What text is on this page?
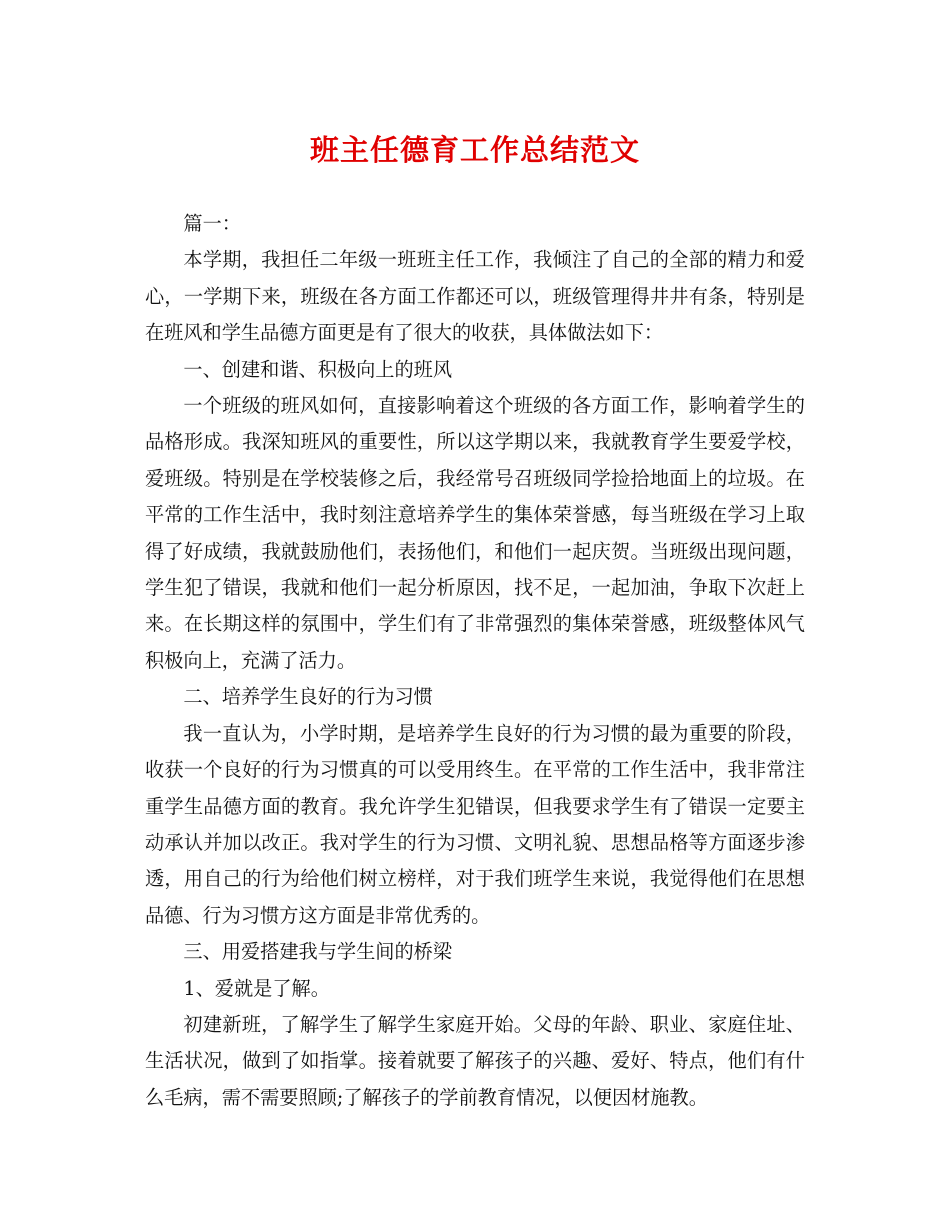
班主任德育工作总结范文

篇一：

本学期，我担任二年级一班班主任工作，我倾注了自己的全部的精力和爱心，一学期下来，班级在各方面工作都还可以，班级管理得井井有条，特别是在班风和学生品德方面更是有了很大的收获，具体做法如下：

一、创建和谐、积极向上的班风

一个班级的班风如何，直接影响着这个班级的各方面工作，影响着学生的品格形成。我深知班风的重要性，所以这学期以来，我就教育学生要爱学校，爱班级。特别是在学校装修之后，我经常号召班级同学捡拾地面上的垃圾。在平常的工作生活中，我时刻注意培养学生的集体荣誉感，每当班级在学习上取得了好成绩，我就鼓励他们，表扬他们，和他们一起庆贺。当班级出现问题，学生犯了错误，我就和他们一起分析原因，找不足，一起加油，争取下次赶上来。在长期这样的氛围中，学生们有了非常强烈的集体荣誉感，班级整体风气积极向上，充满了活力。

二、培养学生良好的行为习惯

我一直认为，小学时期，是培养学生良好的行为习惯的最为重要的阶段，收获一个良好的行为习惯真的可以受用终生。在平常的工作生活中，我非常注重学生品德方面的教育。我允许学生犯错误，但我要求学生有了错误一定要主动承认并加以改正。我对学生的行为习惯、文明礼貌、思想品格等方面逐步渗透，用自己的行为给他们树立榜样，对于我们班学生来说，我觉得他们在思想品德、行为习惯方这方面是非常优秀的。

三、用爱搭建我与学生间的桥梁

1、爱就是了解。

初建新班，了解学生了解学生家庭开始。父母的年龄、职业、家庭住址、生活状况，做到了如指掌。接着就要了解孩子的兴趣、爱好、特点，他们有什么毛病，需不需要照顾;了解孩子的学前教育情况，以便因材施教。
